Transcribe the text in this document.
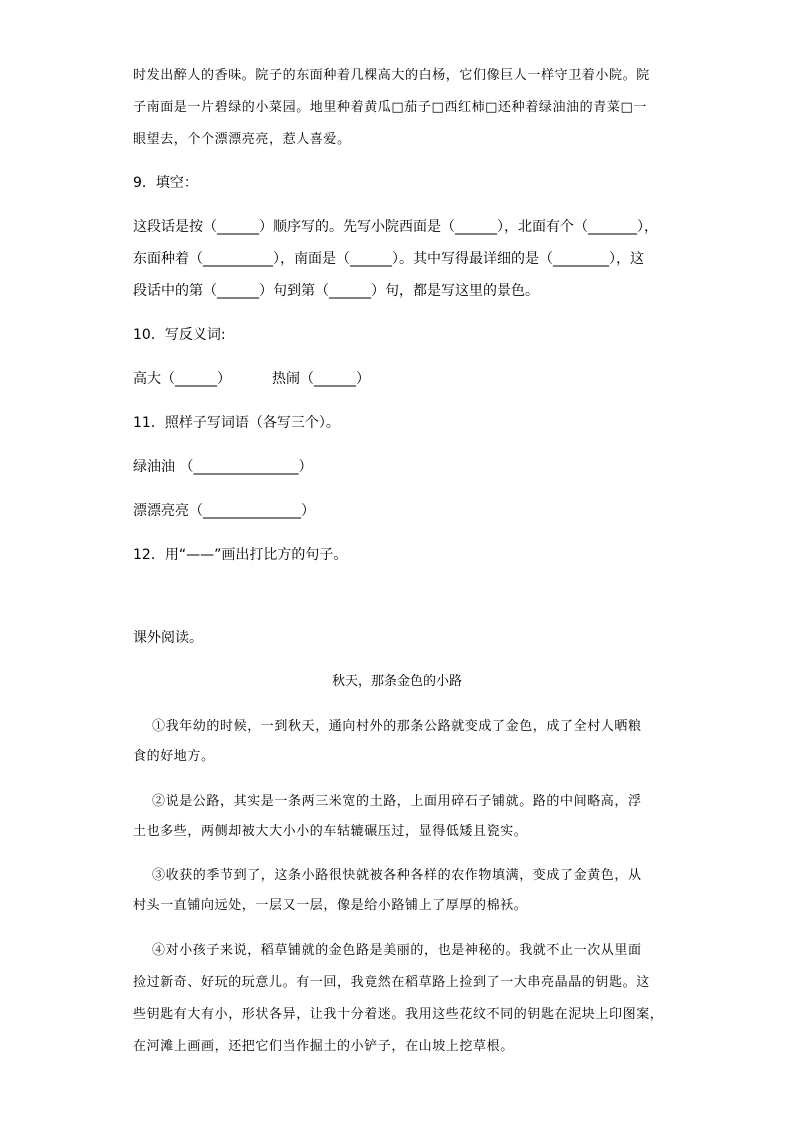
时发出醉人的香味。院子的东面种着几棵高大的白杨，它们像巨人一样守卫着小院。院
子南面是一片碧绿的小菜园。地里种着黄瓜□茄子□西红柿□还种着绿油油的青菜□一
眼望去，个个漂漂亮亮，惹人喜爱。
9．填空：
这段话是按（______）顺序写的。先写小院西面是（______），北面有个（_______），
东面种着（__________），南面是（______）。其中写得最详细的是（________），这
段话中的第（______）句到第（______）句，都是写这里的景色。
10．写反义词:
高大（______）	热闹（______）
11．照样子写词语（各写三个）。
绿油油 （_______________）
漂漂亮亮（______________）
12．用“——”画出打比方的句子。
课外阅读。
秋天，那条金色的小路
①我年幼的时候，一到秋天，通向村外的那条公路就变成了金色，成了全村人晒粮
食的好地方。
②说是公路，其实是一条两三米宽的土路，上面用碎石子铺就。路的中间略高，浮
土也多些，两侧却被大大小小的车轱辘碾压过，显得低矮且瓷实。
③收获的季节到了，这条小路很快就被各种各样的农作物填满，变成了金黄色，从
村头一直铺向远处，一层又一层，像是给小路铺上了厚厚的棉袄。
④对小孩子来说，稻草铺就的金色路是美丽的，也是神秘的。我就不止一次从里面
捡过新奇、好玩的玩意儿。有一回，我竟然在稻草路上捡到了一大串亮晶晶的钥匙。这
些钥匙有大有小，形状各异，让我十分着迷。我用这些花纹不同的钥匙在泥块上印图案，
在河滩上画画，还把它们当作掘土的小铲子，在山坡上挖草根。
